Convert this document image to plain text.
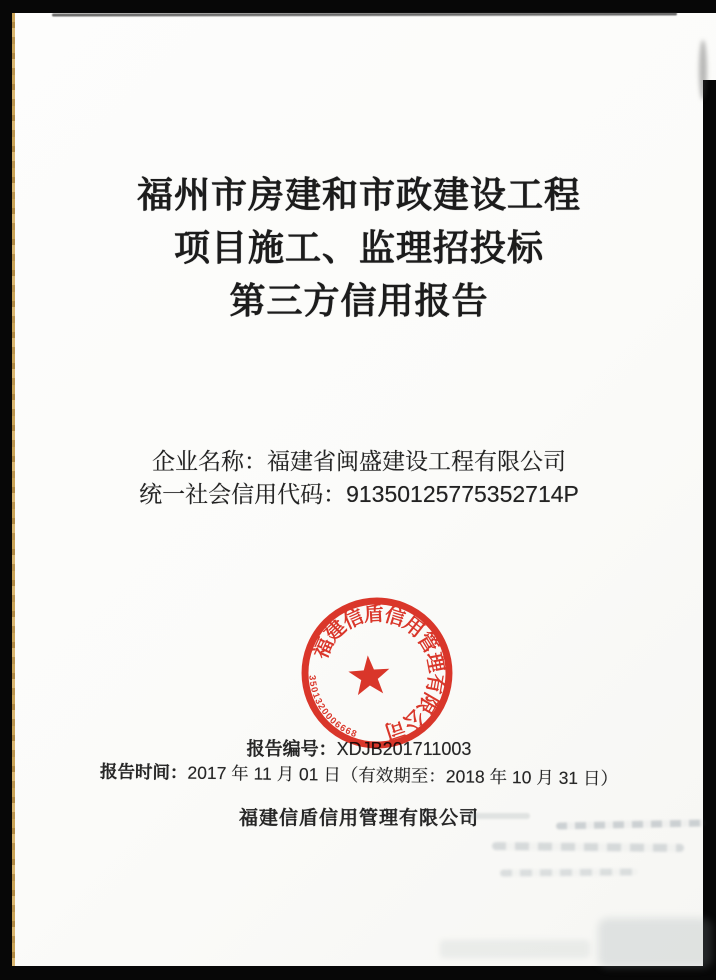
福州市房建和市政建设工程
项目施工、监理招投标
第三方信用报告
企业名称：福建省闽盛建设工程有限公司
统一社会信用代码：91350125775352714P
报告编号：XDJB201711003
报告时间：2017 年 11 月 01 日（有效期至：2018 年 10 月 31 日）
福建信盾信用管理有限公司
福建信盾信用管理有限公司
3501320006668
